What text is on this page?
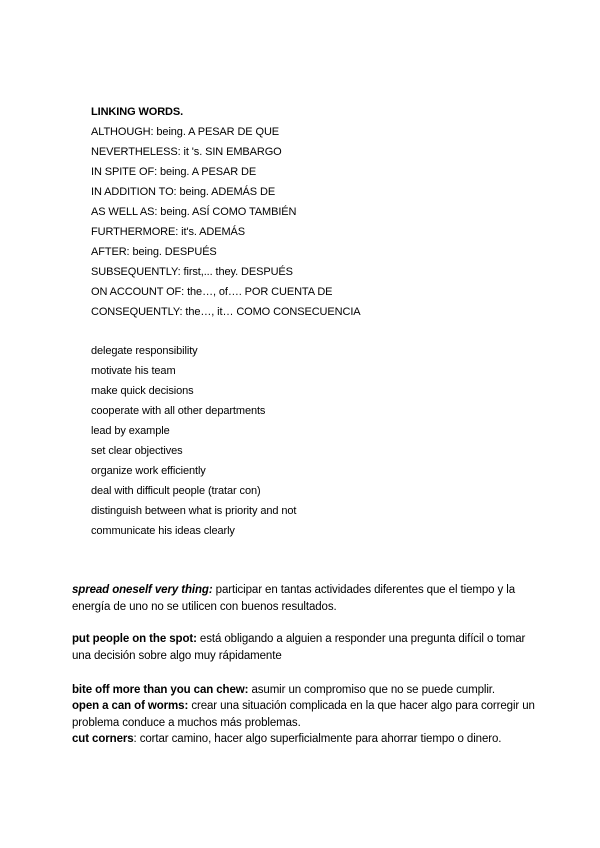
LINKING WORDS.
ALTHOUGH: being. A PESAR DE QUE
NEVERTHELESS: it 's. SIN EMBARGO
IN SPITE OF: being. A PESAR DE
IN ADDITION TO: being. ADEMÁS DE
AS WELL AS: being. ASÍ COMO TAMBIÉN
FURTHERMORE: it's. ADEMÁS
AFTER: being. DESPUÉS
SUBSEQUENTLY: first,... they. DESPUÉS
ON ACCOUNT OF: the…, of…. POR CUENTA DE
CONSEQUENTLY: the…, it… COMO CONSECUENCIA
delegate responsibility
motivate his team
make quick decisions
cooperate with all other departments
lead by example
set clear objectives
organize work efficiently
deal with difficult people (tratar con)
distinguish between what is priority and not
communicate his ideas clearly
spread oneself very thing: participar en tantas actividades diferentes que el tiempo y la energía de uno no se utilicen con buenos resultados.
put people on the spot: está obligando a alguien a responder una pregunta difícil o tomar una decisión sobre algo muy rápidamente
bite off more than you can chew: asumir un compromiso que no se puede cumplir.
open a can of worms: crear una situación complicada en la que hacer algo para corregir un problema conduce a muchos más problemas.
cut corners: cortar camino, hacer algo superficialmente para ahorrar tiempo o dinero.
